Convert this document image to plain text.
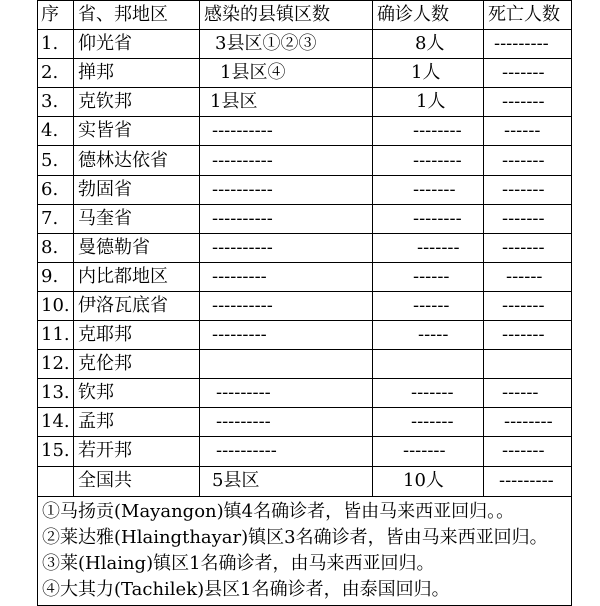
序	省、邦地区	感染的县镇区数	确诊人数	死亡人数
1.	仰光省	3县区①②③	8人	---------
2.	掸邦	1县区④	1人	-------
3.	克钦邦	1县区	1人	-------
4.	实皆省	----------	--------	------
5.	德林达依省	----------	--------	-------
6.	勃固省	----------	-------	-------
7.	马奎省	----------	--------	-------
8.	曼德勒省	----------	-------	-------
9.	内比都地区	---------	------	------
10.	伊洛瓦底省	----------	------	-------
11.	克耶邦	---------	-----	-------
12.	克伦邦			
13.	钦邦	---------	-------	------
14.	孟邦	---------	-------	--------
15.	若开邦	----------	-------	-------
	全国共	5县区	10人	---------

①马扬贡(Mayangon)镇4名确诊者，皆由马来西亚回归。。
②莱达雅(Hlaingthayar)镇区3名确诊者，皆由马来西亚回归。
③莱(Hlaing)镇区1名确诊者，由马来西亚回归。
④大其力(Tachilek)县区1名确诊者，由泰国回归。				
